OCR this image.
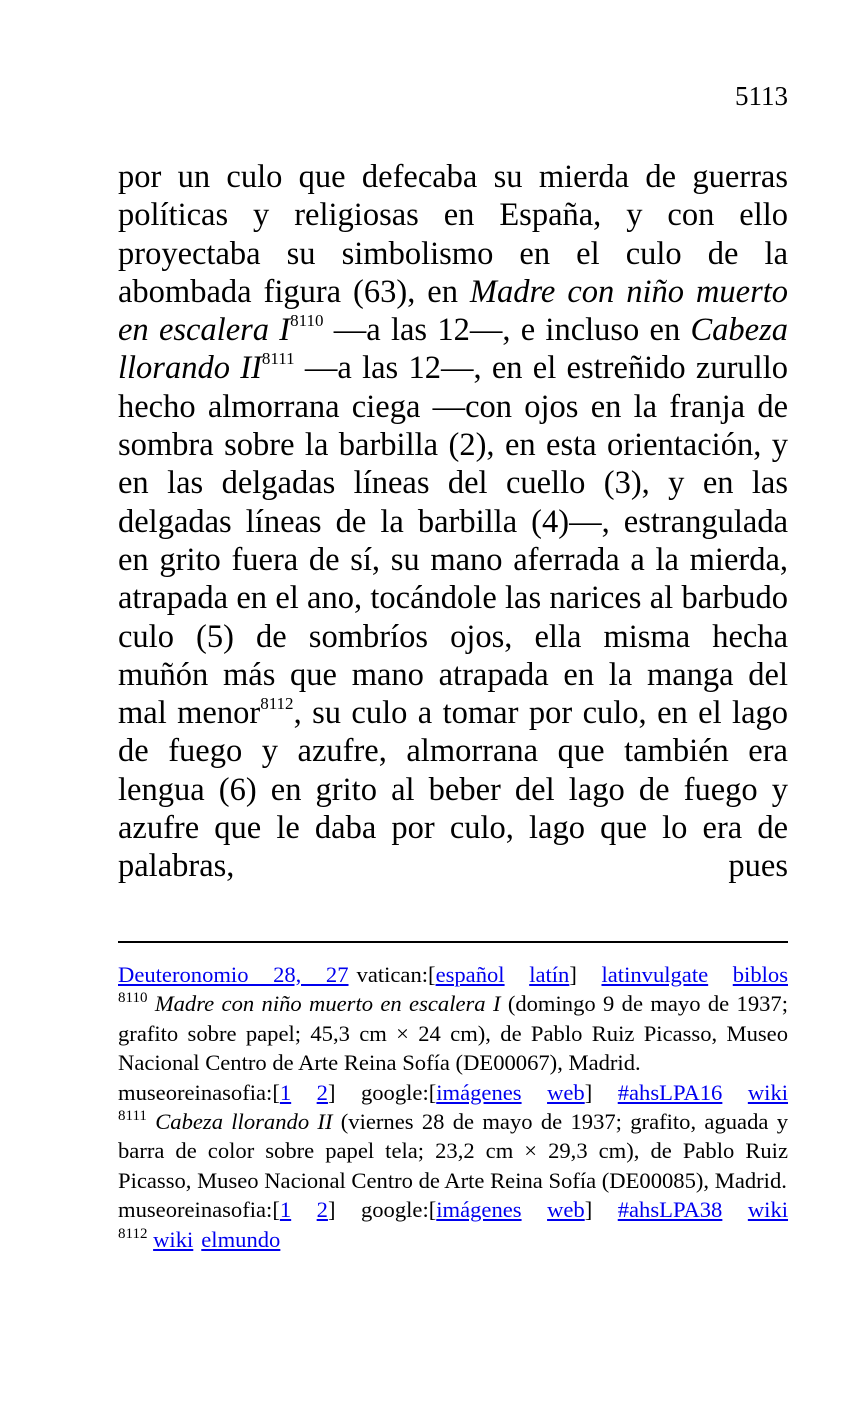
5113

por un culo que defecaba su mierda de guerras políticas y religiosas en España, y con ello proyectaba su simbolismo en el culo de la abombada figura (63), en Madre con niño muerto en escalera $I^{8110}$ —a las 12—, e incluso en Cabeza llorando $II^{8111}$ —a las 12—, en el estreñido zurullo hecho almorrana ciega —con ojos en la franja de sombra sobre la barbilla (2), en esta orientación, y en las delgadas líneas del cuello (3), y en las delgadas líneas de la barbilla (4)—, estrangulada en grito fuera de sí, su mano aferrada a la mierda, atrapada en el ano, tocándole las narices al barbudo culo (5) de sombríos ojos, ella misma hecha muñón más que mano atrapada en la manga del mal menor$^{8112}$, su culo a tomar por culo, en el lago de fuego y azufre, almorrana que también era lengua (6) en grito al beber del lago de fuego y azufre que le daba por culo, lago que lo era de palabras, pues

Deuteronomio 28, 27 vatican:[español latín] latinvulgate biblos

$^{8110}$ Madre con niño muerto en escalera I (domingo 9 de mayo de 1937; grafito sobre papel; 45,3 cm × 24 cm), de Pablo Ruiz Picasso, Museo Nacional Centro de Arte Reina Sofía (DE00067), Madrid.

museoreinasofia:[1 2] google:[imágenes web] #ahsLPA16 wiki

$^{8111}$ Cabeza llorando II (viernes 28 de mayo de 1937; grafito, aguada y barra de color sobre papel tela; 23,2 cm × 29,3 cm), de Pablo Ruiz Picasso, Museo Nacional Centro de Arte Reina Sofía (DE00085), Madrid.

museoreinasofia:[1 2] google:[imágenes web] #ahsLPA38 wiki

$^{8112}$ wiki elmundo
